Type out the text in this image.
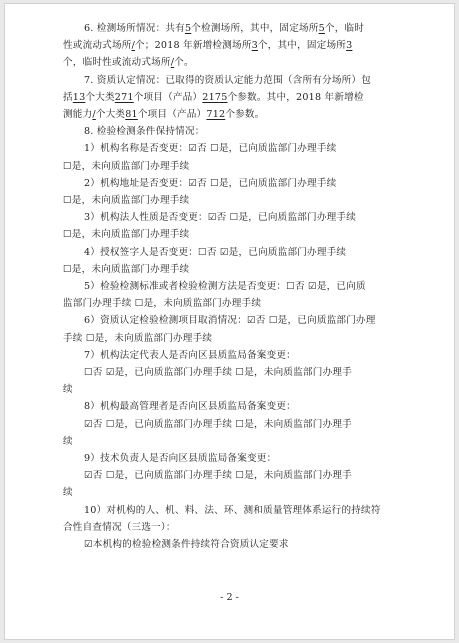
6. 检测场所情况：共有5个检测场所，其中，固定场所5个，临时
性或流动式场所/个；2018 年新增检测场所3个，其中，固定场所3
个，临时性或流动式场所/个。
7. 资质认定情况：已取得的资质认定能力范围（含所有分场所）包
括13个大类271个项目（产品）2175个参数。其中，2018 年新增检
测能力/个大类81个项目（产品）712个参数。
8. 检验检测条件保持情况：
1）机构名称是否变更：☑否 ☐是，已向质监部门办理手续
☐是，未向质监部门办理手续
2）机构地址是否变更：☑否 ☐是，已向质监部门办理手续
☐是，未向质监部门办理手续
3）机构法人性质是否变更：☑否 ☐是，已向质监部门办理手续
☐是，未向质监部门办理手续
4）授权签字人是否变更：☐否 ☑是，已向质监部门办理手续
☐是，未向质监部门办理手续
5）检验检测标准或者检验检测方法是否变更：☐否 ☑是，已向质
监部门办理手续 ☐是，未向质监部门办理手续
6）资质认定检验检测项目取消情况：☑否 ☐是，已向质监部门办理
手续 ☐是，未向质监部门办理手续
7）机构法定代表人是否向区县质监局备案变更：
☐否 ☑是，已向质监部门办理手续 ☐是，未向质监部门办理手
续
8）机构最高管理者是否向区县质监局备案变更：
☑否 ☐是，已向质监部门办理手续 ☐是，未向质监部门办理手
续
9）技术负责人是否向区县质监局备案变更：
☑否 ☐是，已向质监部门办理手续 ☐是，未向质监部门办理手
续
10）对机构的人、机、料、法、环、测和质量管理体系运行的持续符
合性自查情况（三选一）：
☑本机构的检验检测条件持续符合资质认定要求
- 2 -
